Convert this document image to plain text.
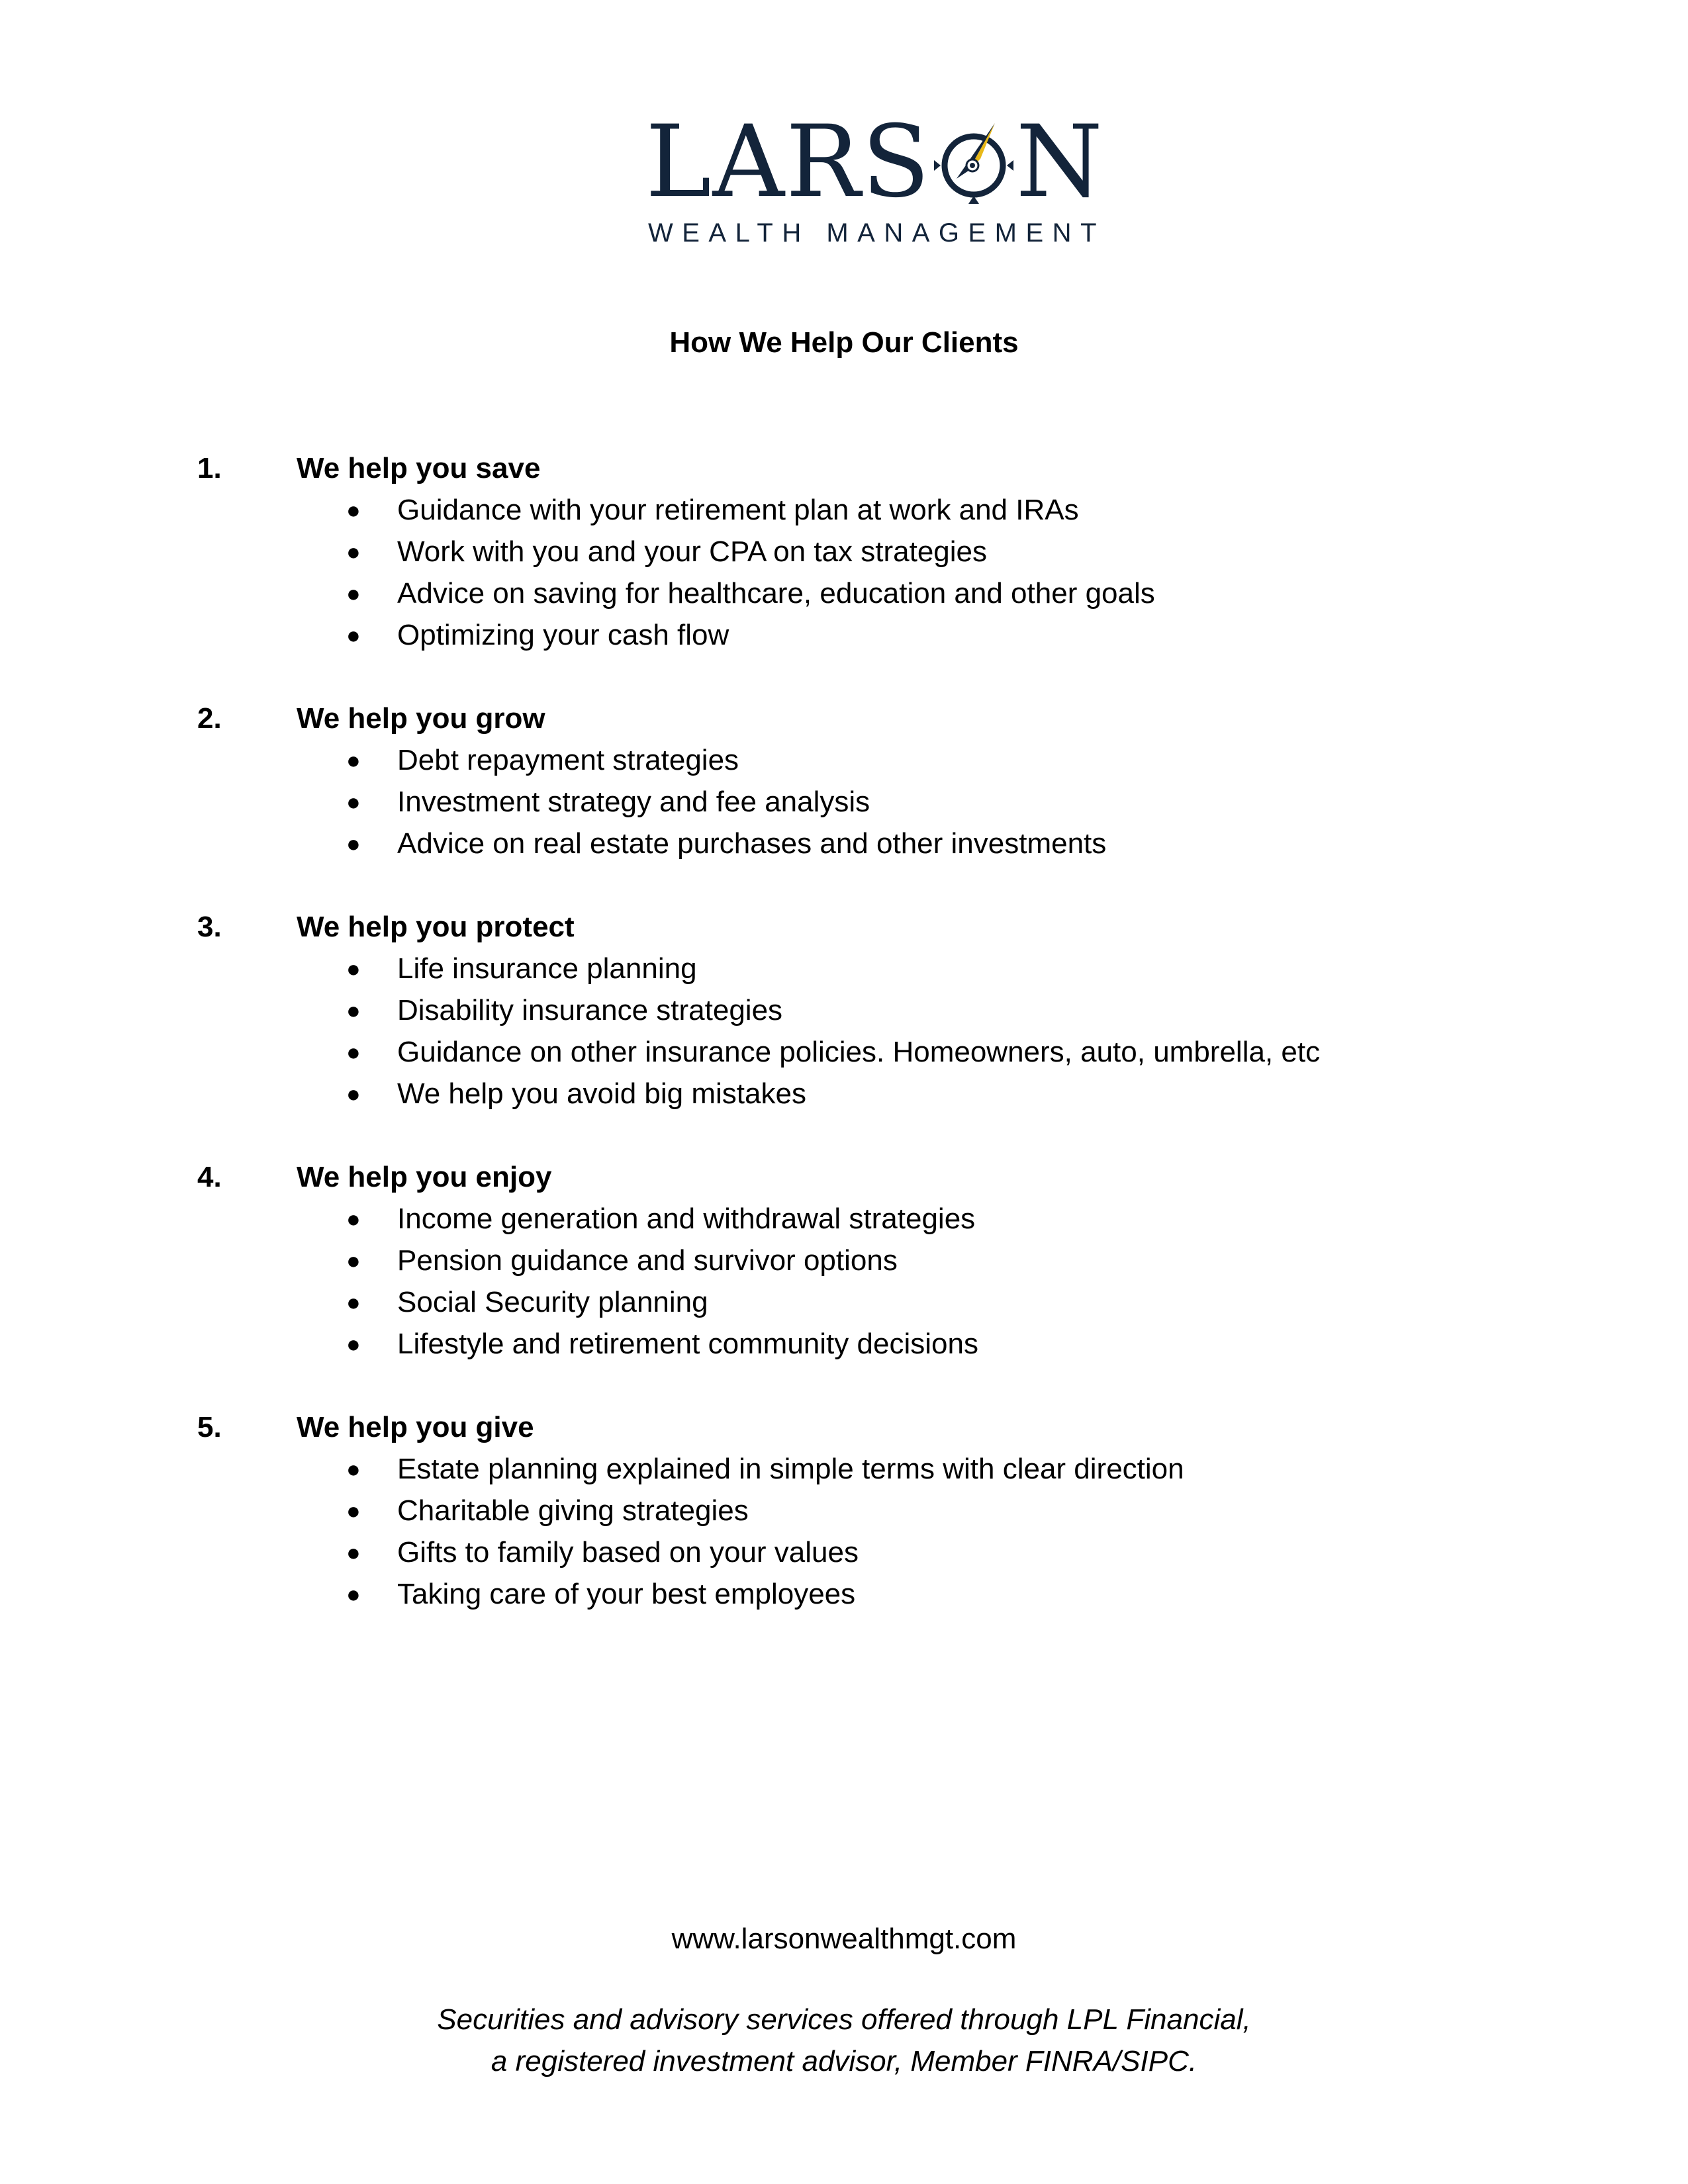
LARS N
WEALTH MANAGEMENT
How We Help Our Clients
1.	We help you save
● Guidance with your retirement plan at work and IRAs
● Work with you and your CPA on tax strategies
● Advice on saving for healthcare, education and other goals
● Optimizing your cash flow
2.	We help you grow
● Debt repayment strategies
● Investment strategy and fee analysis
● Advice on real estate purchases and other investments
3.	We help you protect
● Life insurance planning
● Disability insurance strategies
● Guidance on other insurance policies. Homeowners, auto, umbrella, etc
● We help you avoid big mistakes
4.	We help you enjoy
● Income generation and withdrawal strategies
● Pension guidance and survivor options
● Social Security planning
● Lifestyle and retirement community decisions
5.	We help you give
● Estate planning explained in simple terms with clear direction
● Charitable giving strategies
● Gifts to family based on your values
● Taking care of your best employees
www.larsonwealthmgt.com
Securities and advisory services offered through LPL Financial,
a registered investment advisor, Member FINRA/SIPC.
